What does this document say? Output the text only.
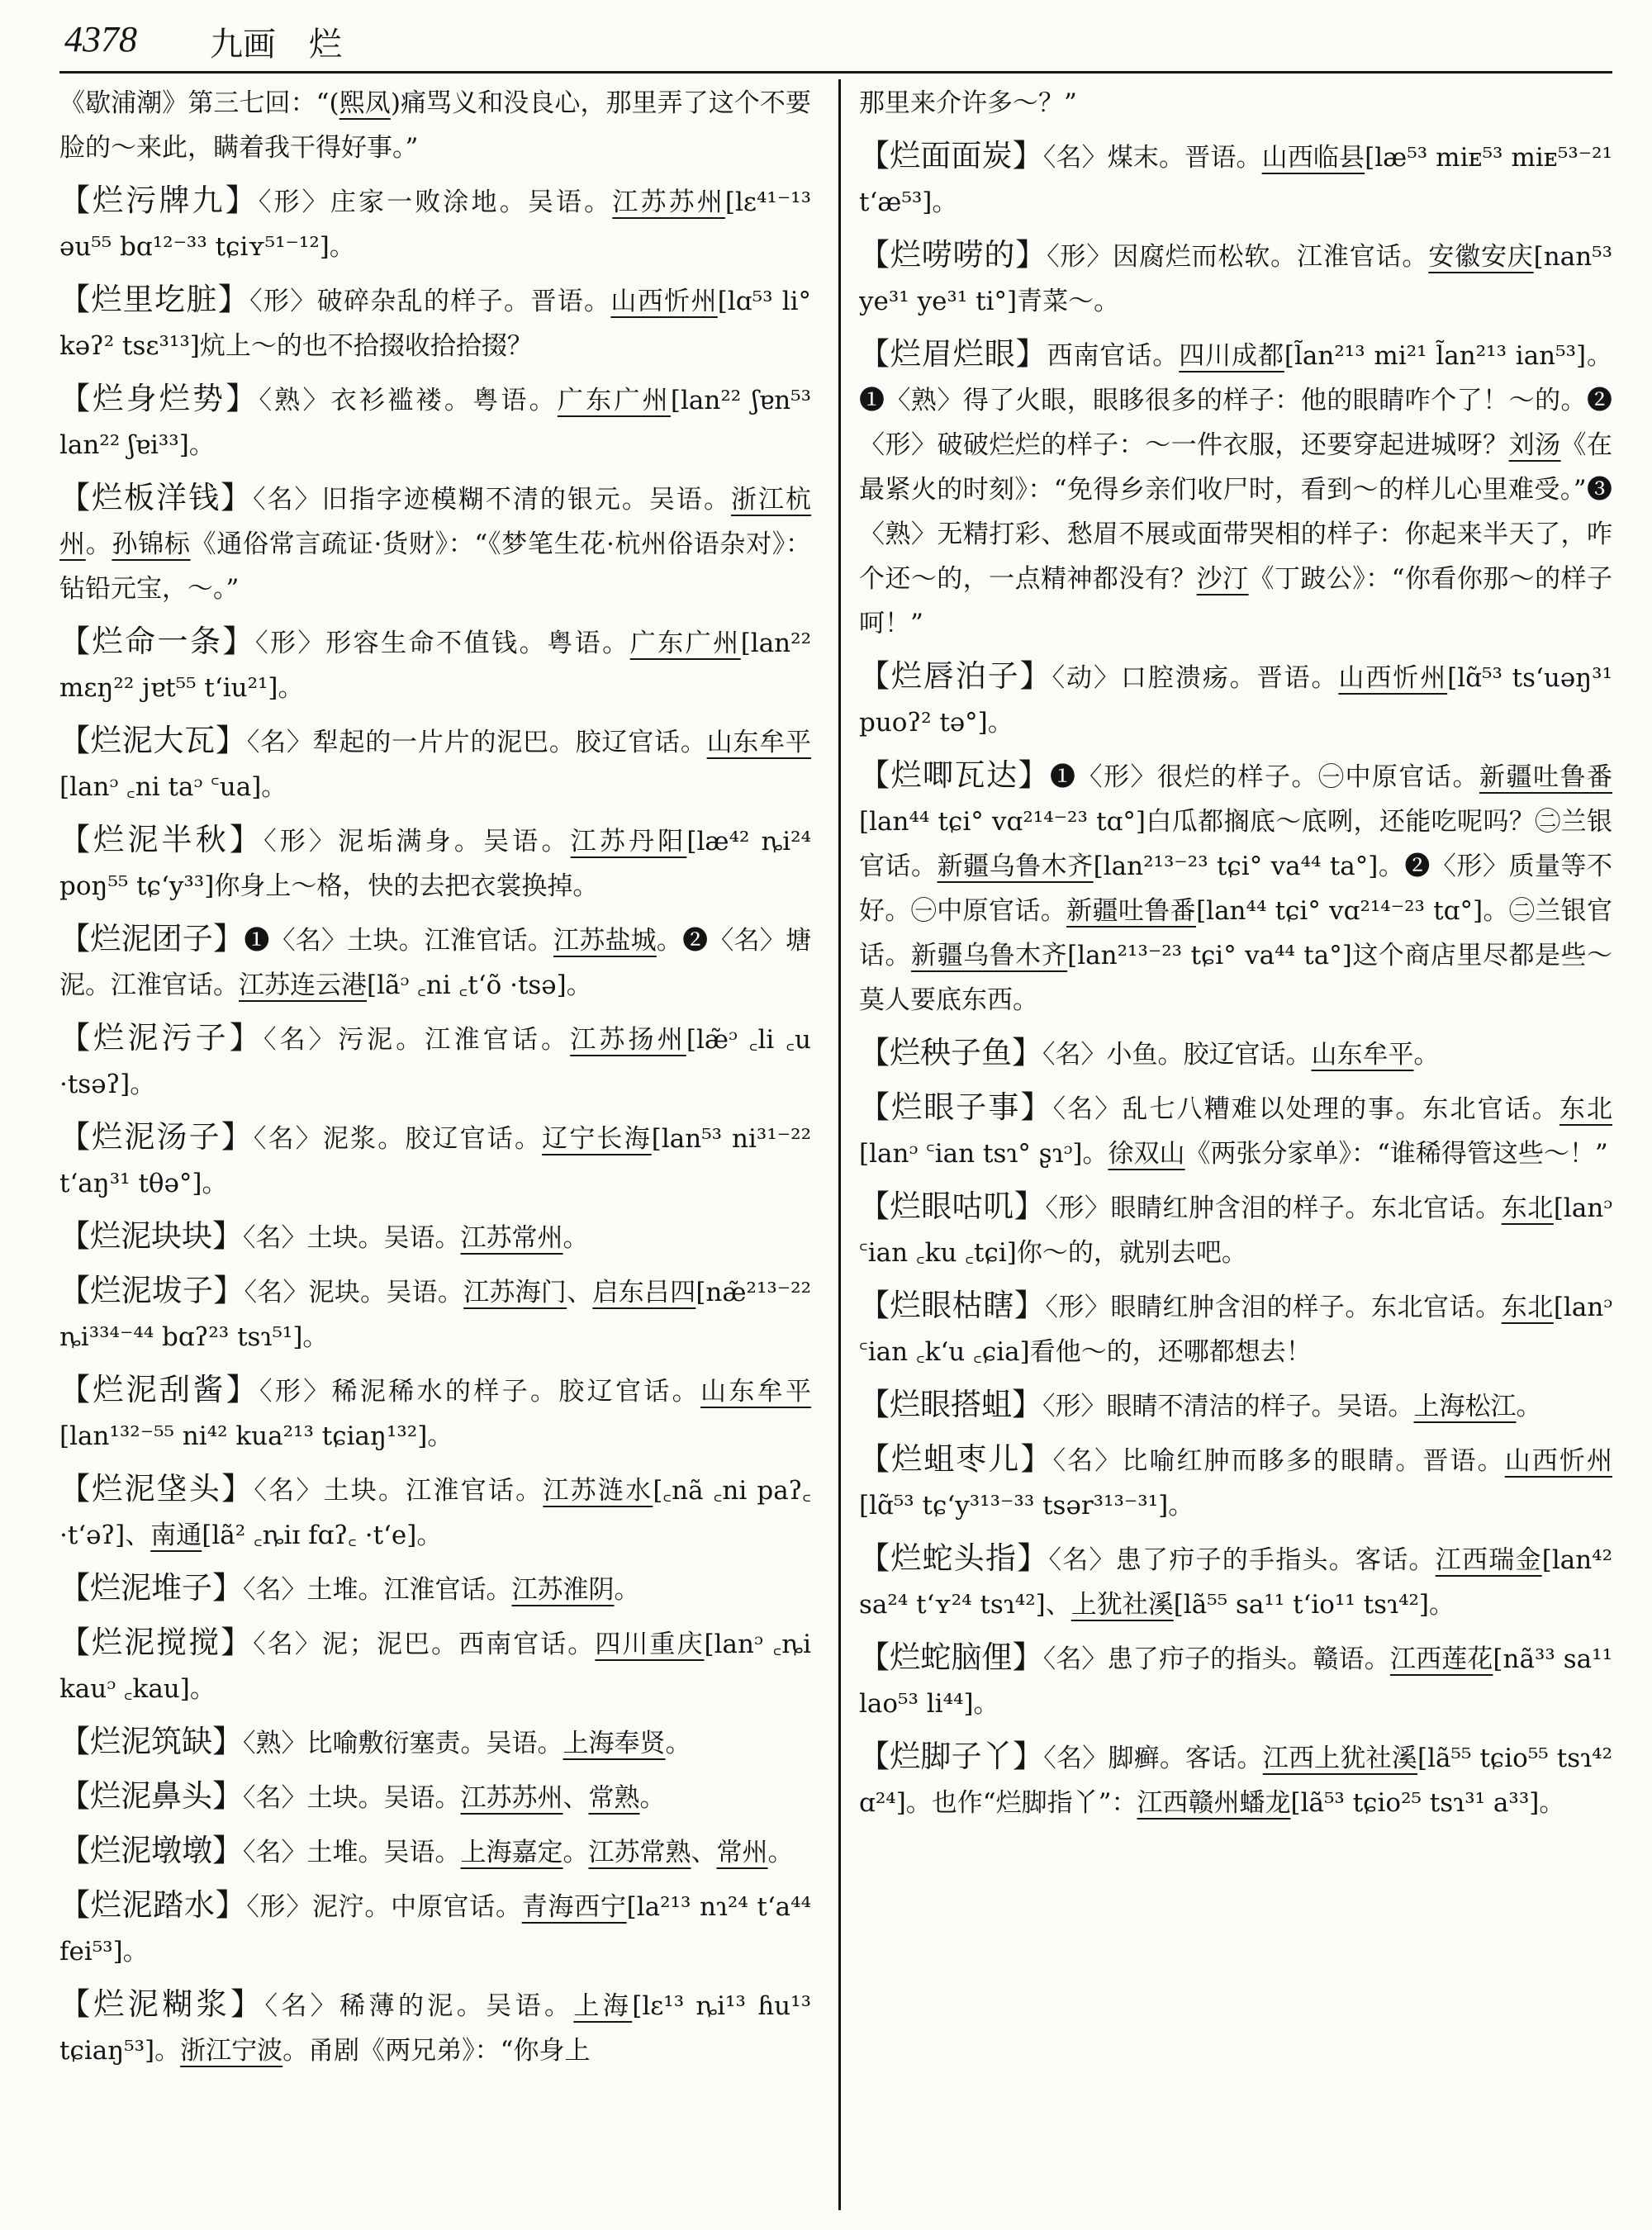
4378 九画　烂

《歇浦潮》第三七回：“(熙凤)痛骂义和没良心，那里弄了这个不要脸的～来此，瞒着我干得好事。”

【烂污牌九】〈形〉庄家一败涂地。吴语。江苏苏州[lɛ⁴¹⁻¹³ əu⁵⁵ bɑ¹²⁻³³ tɕiʏ⁵¹⁻¹²]。

【烂里圪脏】〈形〉破碎杂乱的样子。晋语。山西忻州[lɑ⁵³ li° kəʔ² tsɛ³¹³]炕上～的也不拾掇收拾拾掇？

【烂身烂势】〈熟〉衣衫褴褛。粤语。广东广州[lan²² ʃɐn⁵³ lan²² ʃɐi³³]。

【烂板洋钱】〈名〉旧指字迹模糊不清的银元。吴语。浙江杭州。孙锦标《通俗常言疏证·货财》：“《梦笔生花·杭州俗语杂对》：钻铅元宝，～。”

【烂命一条】〈形〉形容生命不值钱。粤语。广东广州[lan²² mɛŋ²² jɐt⁵⁵ tʻiu²¹]。

【烂泥大瓦】〈名〉犁起的一片片的泥巴。胶辽官话。山东牟平[lanᵓ ꜀ni taᵓ ꜂ua]。

【烂泥半秋】〈形〉泥垢满身。吴语。江苏丹阳[læ⁴² ȵi²⁴ poŋ⁵⁵ tɕʻy³³]你身上～格，快的去把衣裳换掉。

【烂泥团子】❶〈名〉土块。江淮官话。江苏盐城。❷〈名〉塘泥。江淮官话。江苏连云港[lãᵓ ꜀ni ꜀tʻõ ·tsə]。

【烂泥污子】〈名〉污泥。江淮官话。江苏扬州[læ̃ᵓ ꜀li ꜀u ·tsəʔ]。

【烂泥汤子】〈名〉泥浆。胶辽官话。辽宁长海[lan⁵³ ni³¹⁻²² tʻaŋ³¹ tθə°]。

【烂泥块块】〈名〉土块。吴语。江苏常州。

【烂泥坺子】〈名〉泥块。吴语。江苏海门、启东吕四[næ̃²¹³⁻²² ȵi³³⁴⁻⁴⁴ bɑʔ²³ tsɿ⁵¹]。

【烂泥刮酱】〈形〉稀泥稀水的样子。胶辽官话。山东牟平[lan¹³²⁻⁵⁵ ni⁴² kua²¹³ tɕiaŋ¹³²]。

【烂泥垡头】〈名〉土块。江淮官话。江苏涟水[꜀nã ꜀ni paʔ꜀ ·tʻəʔ]、南通[lã² ꜀ȵiɪ fɑʔ꜀ ·tʻe]。

【烂泥堆子】〈名〉土堆。江淮官话。江苏淮阴。

【烂泥搅搅】〈名〉泥；泥巴。西南官话。四川重庆[lanᵓ ꜀ȵi kauᵓ ꜀kau]。

【烂泥筑缺】〈熟〉比喻敷衍塞责。吴语。上海奉贤。

【烂泥鼻头】〈名〉土块。吴语。江苏苏州、常熟。

【烂泥墩墩】〈名〉土堆。吴语。上海嘉定。江苏常熟、常州。

【烂泥踏水】〈形〉泥泞。中原官话。青海西宁[la²¹³ nɿ²⁴ tʻa⁴⁴ fei⁵³]。

【烂泥糊浆】〈名〉稀薄的泥。吴语。上海[lɛ¹³ ȵi¹³ ɦu¹³ tɕiaŋ⁵³]。浙江宁波。甬剧《两兄弟》：“你身上

那里来介许多～？”

【烂面面炭】〈名〉煤末。晋语。山西临县[læ⁵³ miᴇ⁵³ miᴇ⁵³⁻²¹ tʻæ⁵³]。

【烂唠唠的】〈形〉因腐烂而松软。江淮官话。安徽安庆[nan⁵³ ye³¹ ye³¹ ti°]青菜～。

【烂眉烂眼】西南官话。四川成都[l̃an²¹³ mi²¹ l̃an²¹³ ian⁵³]。❶〈熟〉得了火眼，眼眵很多的样子：他的眼睛咋个了！～的。❷〈形〉破破烂烂的样子：～一件衣服，还要穿起进城呀？刘汤《在最紧火的时刻》：“免得乡亲们收尸时，看到～的样儿心里难受。”❸〈熟〉无精打彩、愁眉不展或面带哭相的样子：你起来半天了，咋个还～的，一点精神都没有？沙汀《丁跛公》：“你看你那～的样子呵！”

【烂唇泊子】〈动〉口腔溃疡。晋语。山西忻州[lɑ̃⁵³ tsʻuəŋ³¹ puoʔ² tə°]。

【烂唧瓦达】❶〈形〉很烂的样子。㊀中原官话。新疆吐鲁番[lan⁴⁴ tɕi° vɑ²¹⁴⁻²³ tɑ°]白瓜都搁底～底咧，还能吃呢吗？㊁兰银官话。新疆乌鲁木齐[lan²¹³⁻²³ tɕi° va⁴⁴ ta°]。❷〈形〉质量等不好。㊀中原官话。新疆吐鲁番[lan⁴⁴ tɕi° vɑ²¹⁴⁻²³ tɑ°]。㊁兰银官话。新疆乌鲁木齐[lan²¹³⁻²³ tɕi° va⁴⁴ ta°]这个商店里尽都是些～莫人要底东西。

【烂秧子鱼】〈名〉小鱼。胶辽官话。山东牟平。

【烂眼子事】〈名〉乱七八糟难以处理的事。东北官话。东北[lanᵓ ꜂ian tsɿ° ʂɿᵓ]。徐双山《两张分家单》：“谁稀得管这些～！”

【烂眼咕叽】〈形〉眼睛红肿含泪的样子。东北官话。东北[lanᵓ ꜂ian ꜀ku ꜀tɕi]你～的，就别去吧。

【烂眼枯瞎】〈形〉眼睛红肿含泪的样子。东北官话。东北[lanᵓ ꜂ian ꜀kʻu ꜀ɕia]看他～的，还哪都想去！

【烂眼搭蛆】〈形〉眼睛不清洁的样子。吴语。上海松江。

【烂蛆枣儿】〈名〉比喻红肿而眵多的眼睛。晋语。山西忻州[lɑ̃⁵³ tɕʻy³¹³⁻³³ tsər³¹³⁻³¹]。

【烂蛇头指】〈名〉患了疖子的手指头。客话。江西瑞金[lan⁴² sa²⁴ tʻʏ²⁴ tsɿ⁴²]、上犹社溪[lã⁵⁵ sa¹¹ tʻio¹¹ tsɿ⁴²]。

【烂蛇脑俚】〈名〉患了疖子的指头。赣语。江西莲花[nã³³ sa¹¹ lao⁵³ li⁴⁴]。

【烂脚子丫】〈名〉脚癣。客话。江西上犹社溪[lã⁵⁵ tɕio⁵⁵ tsɿ⁴² ɑ²⁴]。也作“烂脚指丫”：江西赣州蟠龙[lã⁵³ tɕio²⁵ tsɿ³¹ a³³]。
